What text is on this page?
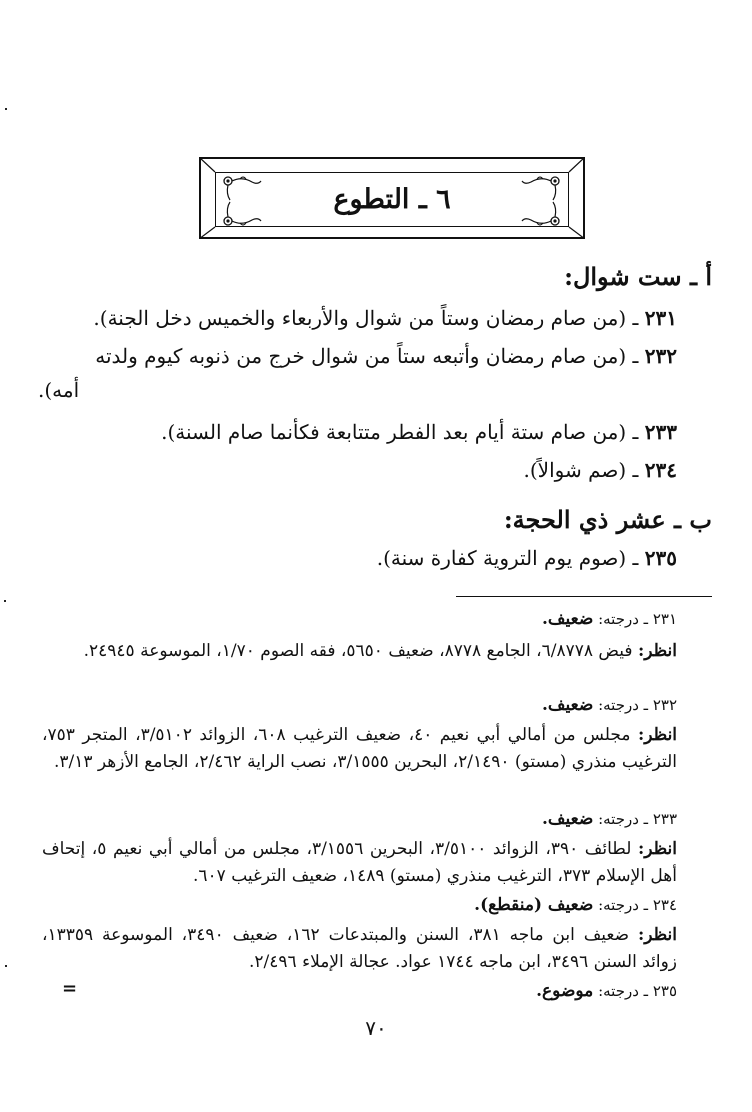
٦ ـ التطوع
أ ـ ست شوال:
٢٣١ ـ (من صام رمضان وستاً من شوال والأربعاء والخميس دخل الجنة).
٢٣٢ ـ (من صام رمضان وأتبعه ستاً من شوال خرج من ذنوبه كيوم ولدته
أمه).
٢٣٣ ـ (من صام ستة أيام بعد الفطر متتابعة فكأنما صام السنة).
٢٣٤ ـ (صم شوالاً).
ب ـ عشر ذي الحجة:
٢٣٥ ـ (صوم يوم التروية كفارة سنة).
٢٣١ ـ درجته: ضعيف.
انظر: فيض ٦/٨٧٧٨، الجامع ٨٧٧٨، ضعيف ٥٦٥٠، فقه الصوم ١/٧٠، الموسوعة ٢٤٩٤٥.
٢٣٢ ـ درجته: ضعيف.
انظر: مجلس من أمالي أبي نعيم ٤٠، ضعيف الترغيب ٦٠٨، الزوائد ٣/٥١٠٢، المتجر ٧٥٣، الترغيب منذري (مستو) ٢/١٤٩٠، البحرين ٣/١٥٥٥، نصب الراية ٢/٤٦٢، الجامع الأزهر ٣/١٣.
٢٣٣ ـ درجته: ضعيف.
انظر: لطائف ٣٩٠، الزوائد ٣/٥١٠٠، البحرين ٣/١٥٥٦، مجلس من أمالي أبي نعيم ٥، إتحاف أهل الإسلام ٣٧٣، الترغيب منذري (مستو) ١٤٨٩، ضعيف الترغيب ٦٠٧.
٢٣٤ ـ درجته: ضعيف (منقطع).
انظر: ضعيف ابن ماجه ٣٨١، السنن والمبتدعات ١٦٢، ضعيف ٣٤٩٠، الموسوعة ١٣٣٥٩، زوائد السنن ٣٤٩٦، ابن ماجه ١٧٤٤ عواد. عجالة الإملاء ٢/٤٩٦.
٢٣٥ ـ درجته: موضوع.
=
٧٠
